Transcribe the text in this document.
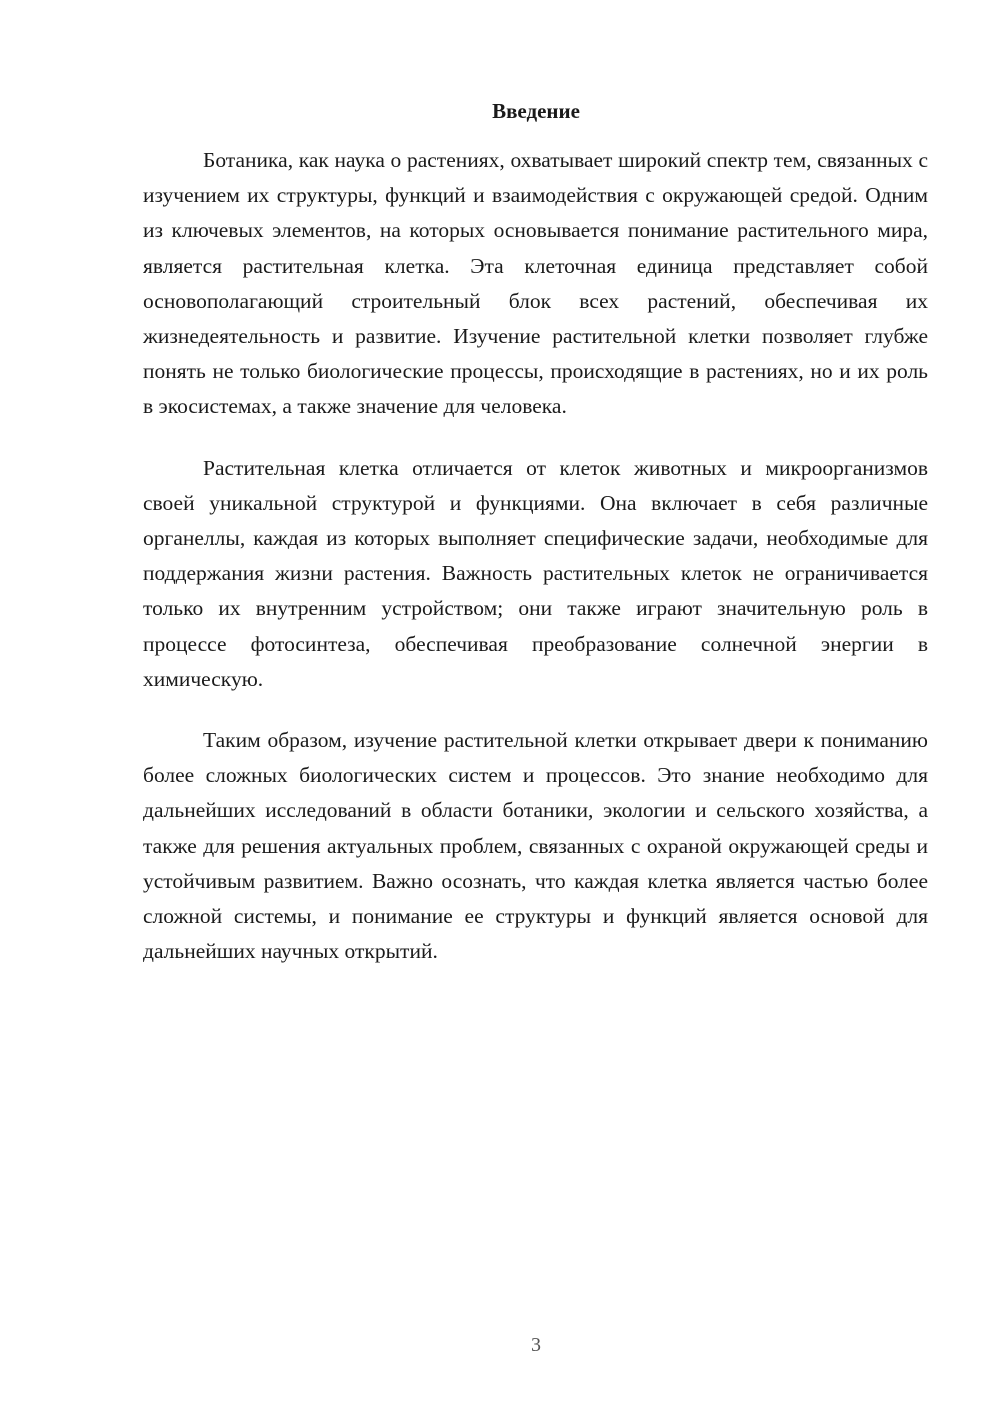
Введение

Ботаника, как наука о растениях, охватывает широкий спектр тем, связанных с изучением их структуры, функций и взаимодействия с окружающей средой. Одним из ключевых элементов, на которых основывается понимание растительного мира, является растительная клетка. Эта клеточная единица представляет собой основополагающий строительный блок всех растений, обеспечивая их жизнедеятельность и развитие. Изучение растительной клетки позволяет глубже понять не только биологические процессы, происходящие в растениях, но и их роль в экосистемах, а также значение для человека.

Растительная клетка отличается от клеток животных и микроорганизмов своей уникальной структурой и функциями. Она включает в себя различные органеллы, каждая из которых выполняет специфические задачи, необходимые для поддержания жизни растения. Важность растительных клеток не ограничивается только их внутренним устройством; они также играют значительную роль в процессе фотосинтеза, обеспечивая преобразование солнечной энергии в химическую.

Таким образом, изучение растительной клетки открывает двери к пониманию более сложных биологических систем и процессов. Это знание необходимо для дальнейших исследований в области ботаники, экологии и сельского хозяйства, а также для решения актуальных проблем, связанных с охраной окружающей среды и устойчивым развитием. Важно осознать, что каждая клетка является частью более сложной системы, и понимание ее структуры и функций является основой для дальнейших научных открытий.

3
